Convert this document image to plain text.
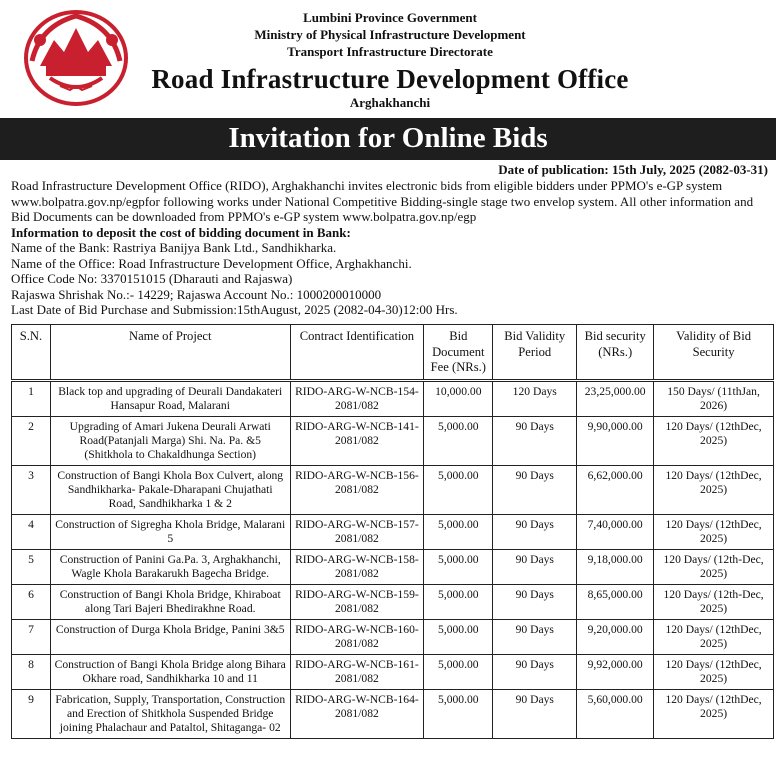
Lumbini Province Government
Ministry of Physical Infrastructure Development
Transport Infrastructure Directorate
Road Infrastructure Development Office
Arghakhanchi
Invitation for Online Bids
Date of publication: 15th July, 2025 (2082-03-31)

Road Infrastructure Development Office (RIDO), Arghakhanchi invites electronic bids from eligible bidders under PPMO's e-GP system www.bolpatra.gov.np/egpfor following works under National Competitive Bidding-single stage two envelop system. All other information and Bid Documents can be downloaded from PPMO's e-GP system www.bolpatra.gov.np/egp

Information to deposit the cost of bidding document in Bank:

Name of the Bank: Rastriya Banijya Bank Ltd., Sandhikharka.

Name of the Office: Road Infrastructure Development Office, Arghakhanchi.

Office Code No: 3370151015 (Dharauti and Rajaswa)

Rajaswa Shrishak No.:- 14229; Rajaswa Account No.: 1000200010000

Last Date of Bid Purchase and Submission:15thAugust, 2025 (2082-04-30)12:00 Hrs.

S.N.	Name of Project	Contract Identification	Bid Document Fee (NRs.)	Bid Validity Period	Bid security (NRs.)	Validity of Bid Security
1	Black top and upgrading of Deurali Dandakateri Hansapur Road, Malarani	RIDO-ARG-W-NCB-154-2081/082	10,000.00	120 Days	23,25,000.00	150 Days/ (11thJan, 2026)
2	Upgrading of Amari Jukena Deurali Arwati Road(Patanjali Marga) Shi. Na. Pa. &5 (Shitkhola to Chakaldhunga Section)	RIDO-ARG-W-NCB-141-2081/082	5,000.00	90 Days	9,90,000.00	120 Days/ (12thDec, 2025)
3	Construction of Bangi Khola Box Culvert, along Sandhikharka- Pakale-Dharapani Chujathati Road, Sandhikharka 1 & 2	RIDO-ARG-W-NCB-156-2081/082	5,000.00	90 Days	6,62,000.00	120 Days/ (12thDec, 2025)
4	Construction of Sigregha Khola Bridge, Malarani 5	RIDO-ARG-W-NCB-157-2081/082	5,000.00	90 Days	7,40,000.00	120 Days/ (12thDec, 2025)
5	Construction of Panini Ga.Pa. 3, Arghakhanchi, Wagle Khola Barakarukh Bagecha Bridge.	RIDO-ARG-W-NCB-158-2081/082	5,000.00	90 Days	9,18,000.00	120 Days/ (12th-Dec, 2025)
6	Construction of Bangi Khola Bridge, Khiraboat along Tari Bajeri Bhedirakhne Road.	RIDO-ARG-W-NCB-159-2081/082	5,000.00	90 Days	8,65,000.00	120 Days/ (12th-Dec, 2025)
7	Construction of Durga Khola Bridge, Panini 3&5	RIDO-ARG-W-NCB-160-2081/082	5,000.00	90 Days	9,20,000.00	120 Days/ (12thDec, 2025)
8	Construction of Bangi Khola Bridge along Bihara Okhare road, Sandhikharka 10 and 11	RIDO-ARG-W-NCB-161-2081/082	5,000.00	90 Days	9,92,000.00	120 Days/ (12thDec, 2025)
9	Fabrication, Supply, Transportation, Construction and Erection of Shitkhola Suspended Bridge joining Phalachaur and Pataltol, Shitaganga- 02	RIDO-ARG-W-NCB-164-2081/082	5,000.00	90 Days	5,60,000.00	120 Days/ (12thDec, 2025)
